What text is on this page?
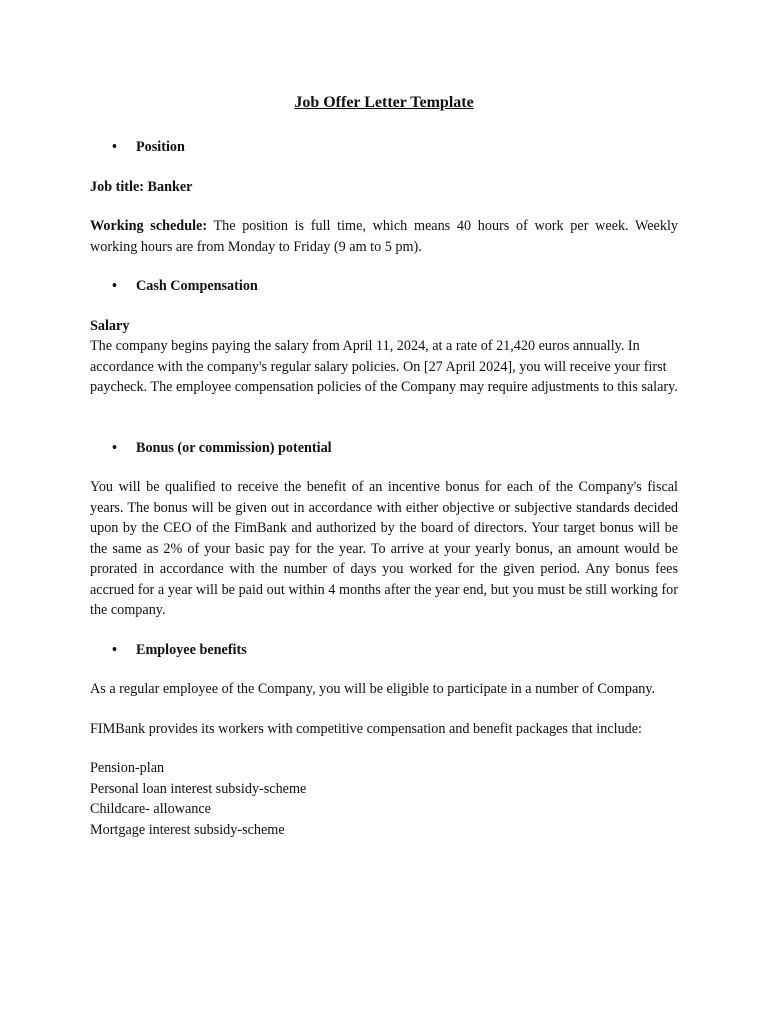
Job Offer Letter Template

• Position

Job title: Banker

Working schedule: The position is full time, which means 40 hours of work per week. Weekly working hours are from Monday to Friday (9 am to 5 pm).

• Cash Compensation

Salary

The company begins paying the salary from April 11, 2024, at a rate of 21,420 euros annually. In accordance with the company's regular salary policies. On [27 April 2024], you will receive your first paycheck. The employee compensation policies of the Company may require adjustments to this salary.

• Bonus (or commission) potential

You will be qualified to receive the benefit of an incentive bonus for each of the Company's fiscal years. The bonus will be given out in accordance with either objective or subjective standards decided upon by the CEO of the FimBank and authorized by the board of directors. Your target bonus will be the same as 2% of your basic pay for the year. To arrive at your yearly bonus, an amount would be prorated in accordance with the number of days you worked for the given period. Any bonus fees accrued for a year will be paid out within 4 months after the year end, but you must be still working for the company.

• Employee benefits

As a regular employee of the Company, you will be eligible to participate in a number of Company.

FIMBank provides its workers with competitive compensation and benefit packages that include:

Pension-plan

Personal loan interest subsidy-scheme

Childcare- allowance

Mortgage interest subsidy-scheme
